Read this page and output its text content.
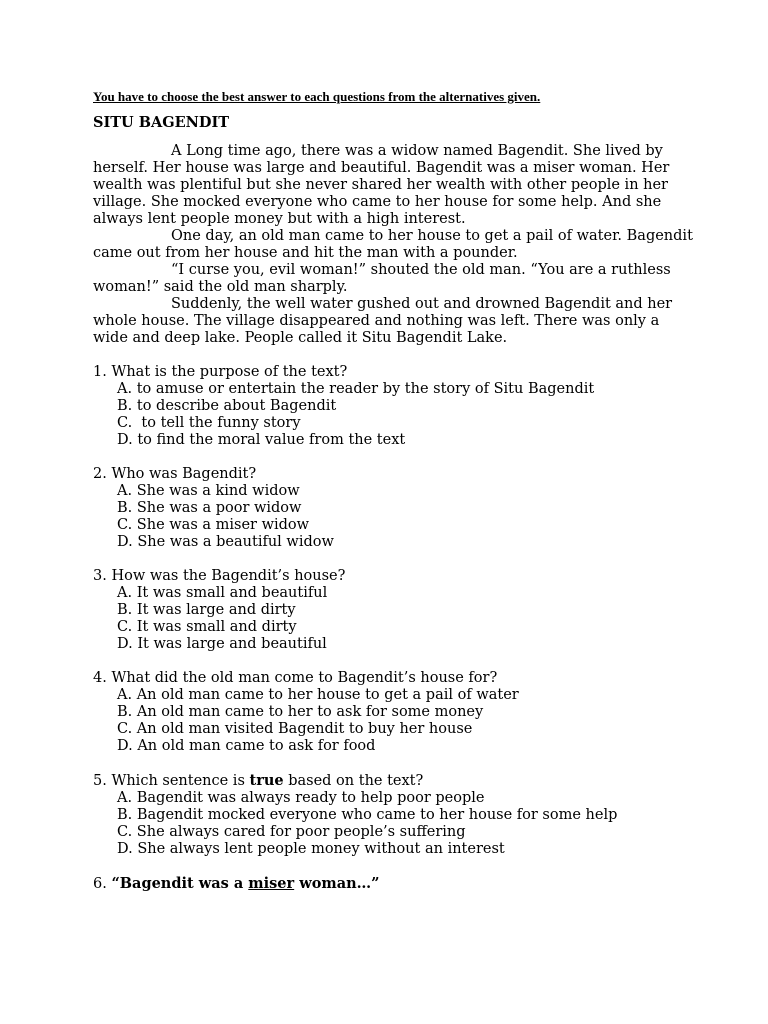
You have to choose the best answer to each questions from the alternatives given.
SITU BAGENDIT

A Long time ago, there was a widow named Bagendit. She lived by herself. Her house was large and beautiful. Bagendit was a miser woman. Her wealth was plentiful but she never shared her wealth with other people in her village. She mocked everyone who came to her house for some help. And she always lent people money but with a high interest.

One day, an old man came to her house to get a pail of water. Bagendit came out from her house and hit the man with a pounder.

“I curse you, evil woman!” shouted the old man. “You are a ruthless woman!” said the old man sharply.

Suddenly, the well water gushed out and drowned Bagendit and her whole house. The village disappeared and nothing was left. There was only a wide and deep lake. People called it Situ Bagendit Lake.

1. What is the purpose of the text?
A. to amuse or entertain the reader by the story of Situ Bagendit
B. to describe about Bagendit
C.  to tell the funny story
D. to find the moral value from the text
2. Who was Bagendit?
A. She was a kind widow
B. She was a poor widow
C. She was a miser widow
D. She was a beautiful widow
3. How was the Bagendit’s house?
A. It was small and beautiful
B. It was large and dirty
C. It was small and dirty
D. It was large and beautiful
4. What did the old man come to Bagendit’s house for?
A. An old man came to her house to get a pail of water
B. An old man came to her to ask for some money
C. An old man visited Bagendit to buy her house
D. An old man came to ask for food
5. Which sentence is true based on the text?
A. Bagendit was always ready to help poor people
B. Bagendit mocked everyone who came to her house for some help
C. She always cared for poor people’s suffering
D. She always lent people money without an interest
6. “Bagendit was a miser woman…”
